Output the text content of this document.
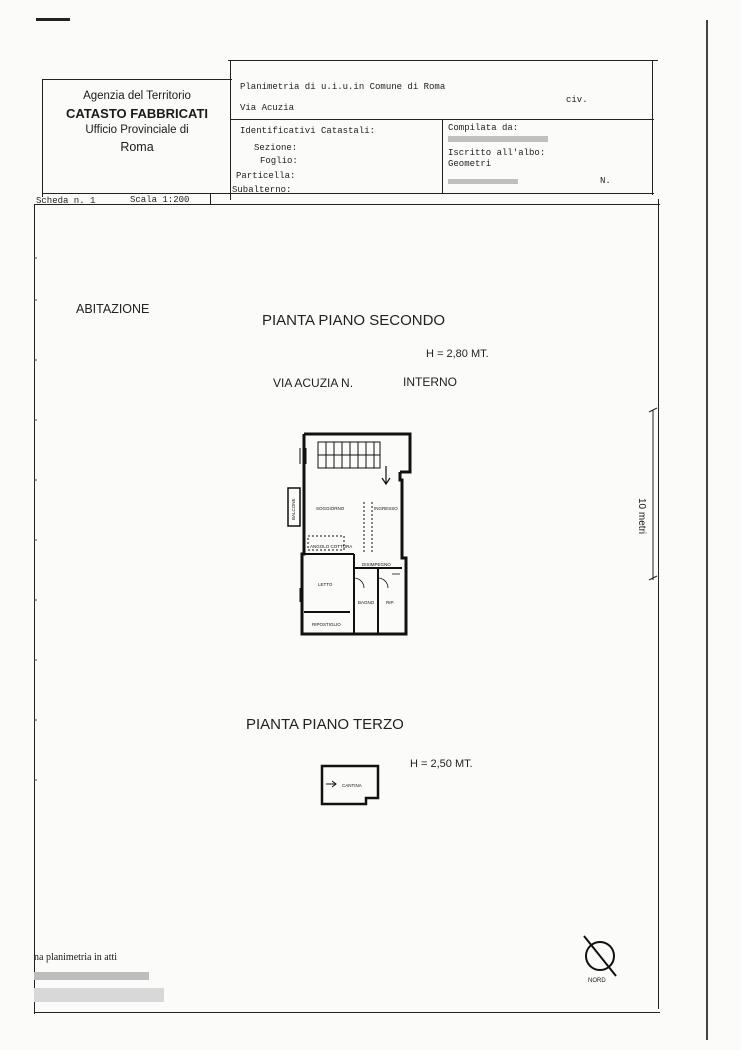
Agenzia del Territorio
CATASTO FABBRICATI
Ufficio Provinciale di
Roma
Planimetria di u.i.u.in Comune di Roma
Via Acuzia
civ.
Identificativi Catastali:
Sezione:
Foglio:
Particella:
Subalterno:
Compilata da:
Iscritto all'albo:
Geometri
N.
Scheda n. 1	Scala 1:200
10 metri
ABITAZIONE
PIANTA PIANO SECONDO
H = 2,80 MT.
VIA ACUZIA N.	INTERNO
SOGGIORNO	INGRESSO
ANGOLO COTTURA
DISIMPEGNO
LETTO
BAGNO	RIP.
RIPOSTIGLIO
BALCONE
PIANTA PIANO TERZO
H = 2,50 MT.
CANTINA
NORD
na planimetria in atti
